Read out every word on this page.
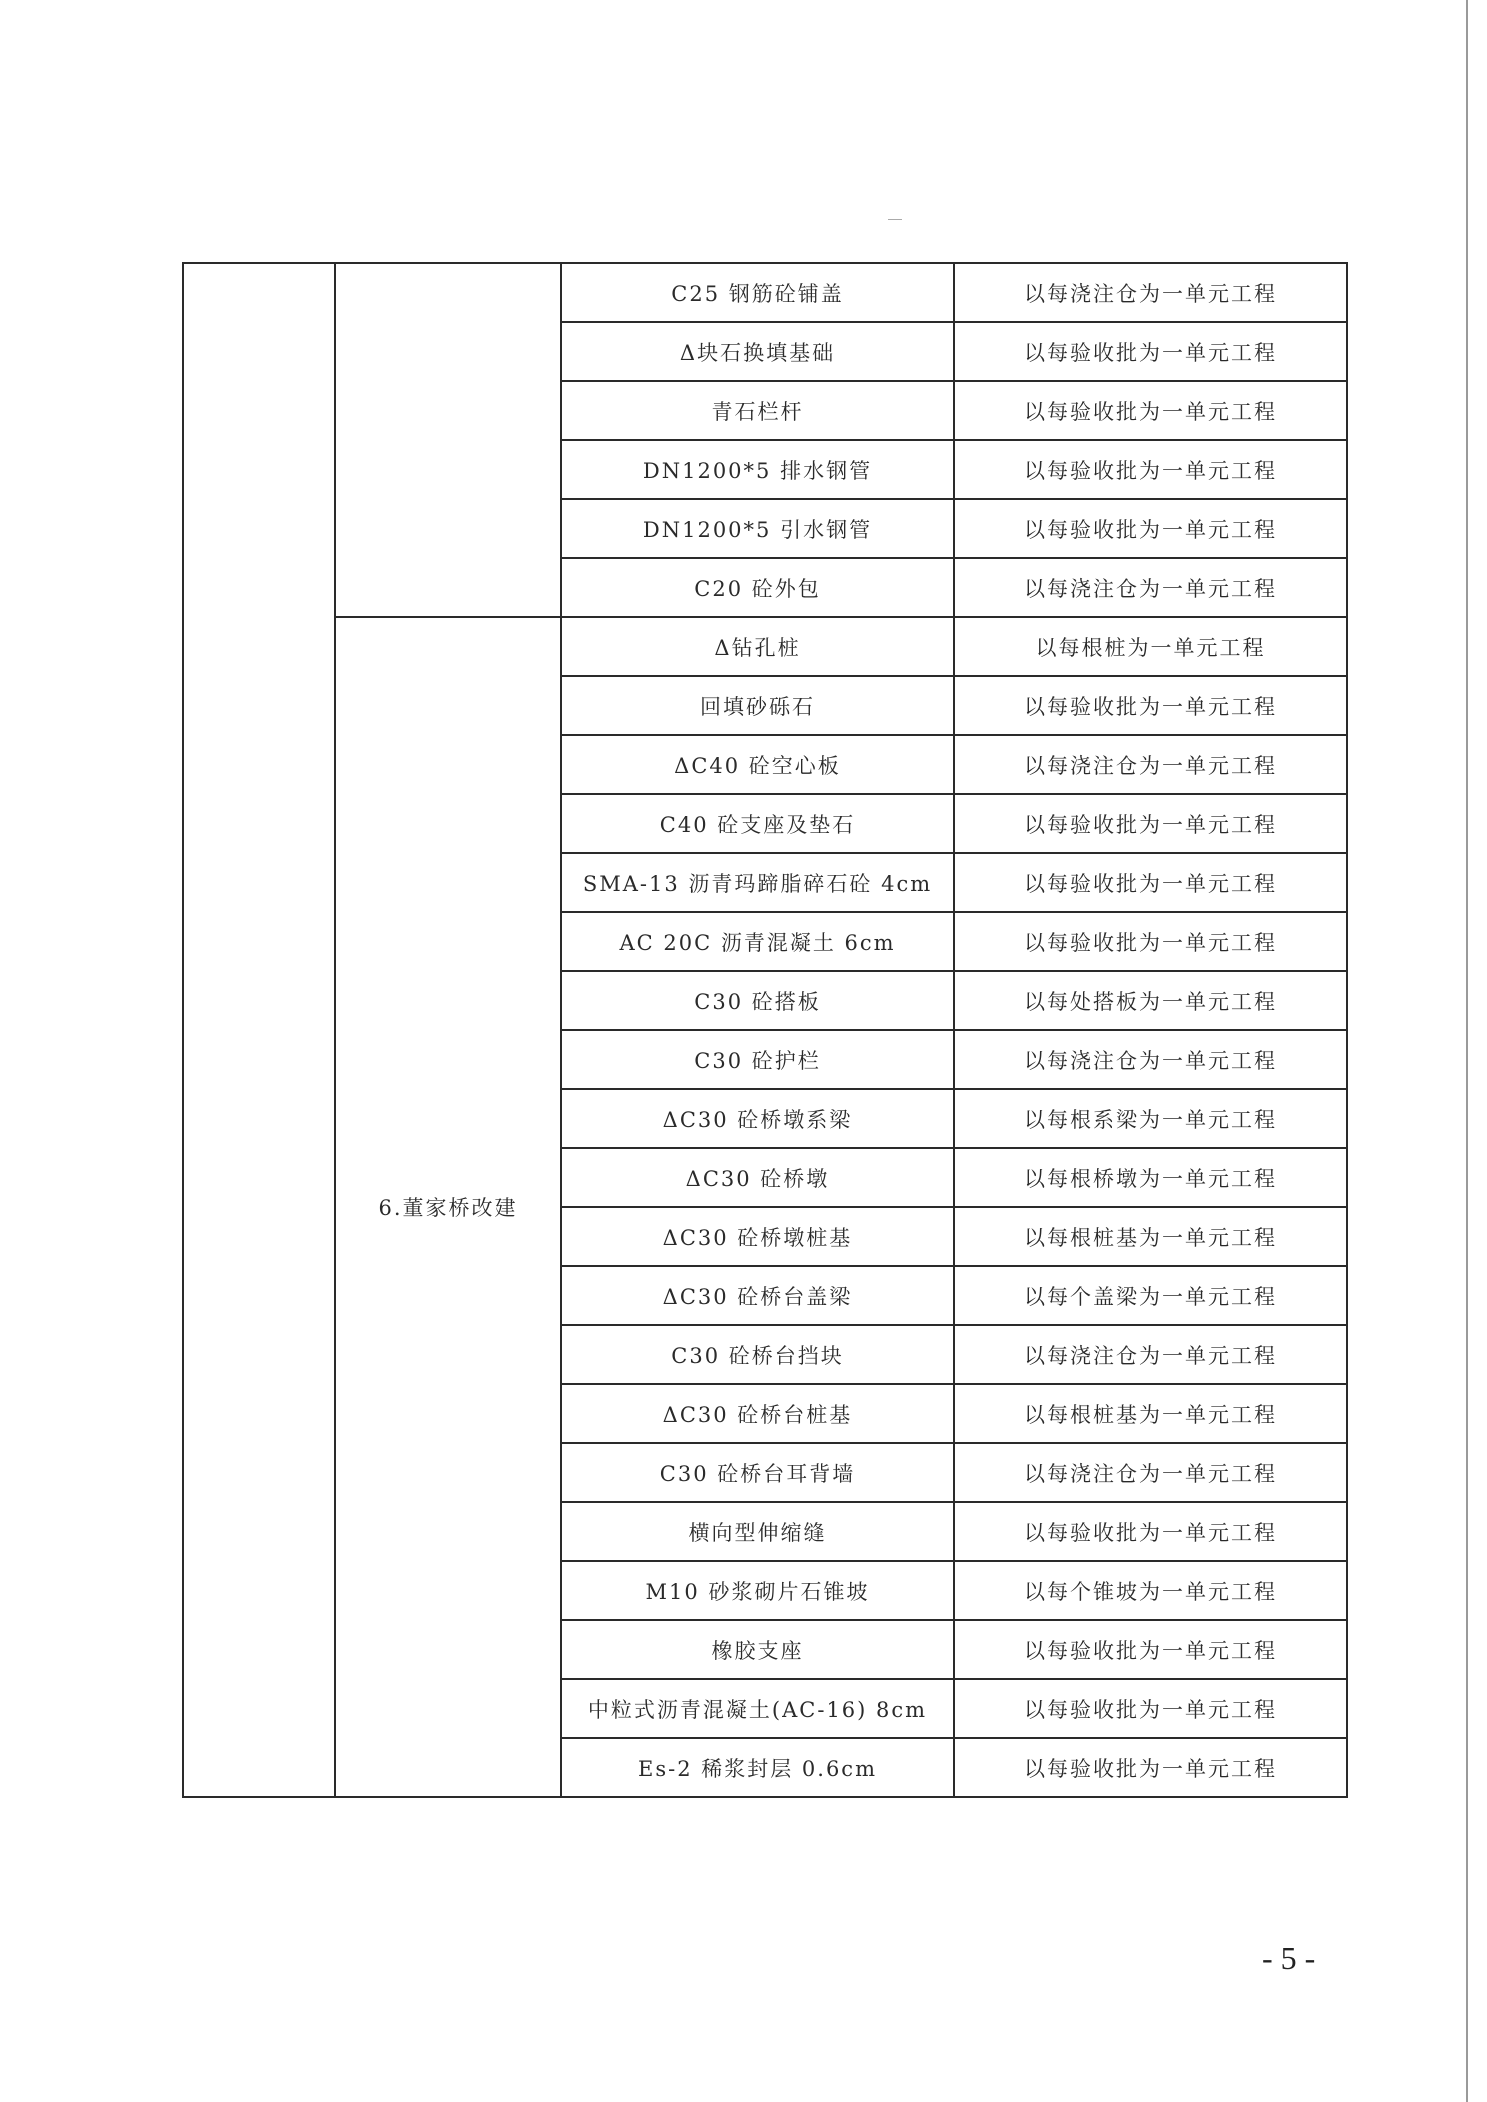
		C25 钢筋砼铺盖	以每浇注仓为一单元工程
		Δ块石换填基础	以每验收批为一单元工程
		青石栏杆	以每验收批为一单元工程
		DN1200*5 排水钢管	以每验收批为一单元工程
		DN1200*5 引水钢管	以每验收批为一单元工程
		C20 砼外包	以每浇注仓为一单元工程
	6.董家桥改建	Δ钻孔桩	以每根桩为一单元工程
		回填砂砾石	以每验收批为一单元工程
		ΔC40 砼空心板	以每浇注仓为一单元工程
		C40 砼支座及垫石	以每验收批为一单元工程
		SMA-13 沥青玛蹄脂碎石砼 4cm	以每验收批为一单元工程
		AC 20C 沥青混凝土 6cm	以每验收批为一单元工程
		C30 砼搭板	以每处搭板为一单元工程
		C30 砼护栏	以每浇注仓为一单元工程
		ΔC30 砼桥墩系梁	以每根系梁为一单元工程
		ΔC30 砼桥墩	以每根桥墩为一单元工程
		ΔC30 砼桥墩桩基	以每根桩基为一单元工程
		ΔC30 砼桥台盖梁	以每个盖梁为一单元工程
		C30 砼桥台挡块	以每浇注仓为一单元工程
		ΔC30 砼桥台桩基	以每根桩基为一单元工程
		C30 砼桥台耳背墙	以每浇注仓为一单元工程
		横向型伸缩缝	以每验收批为一单元工程
		M10 砂浆砌片石锥坡	以每个锥坡为一单元工程
		橡胶支座	以每验收批为一单元工程
		中粒式沥青混凝土(AC-16) 8cm	以每验收批为一单元工程
		Es-2 稀浆封层 0.6cm	以每验收批为一单元工程
- 5 -
